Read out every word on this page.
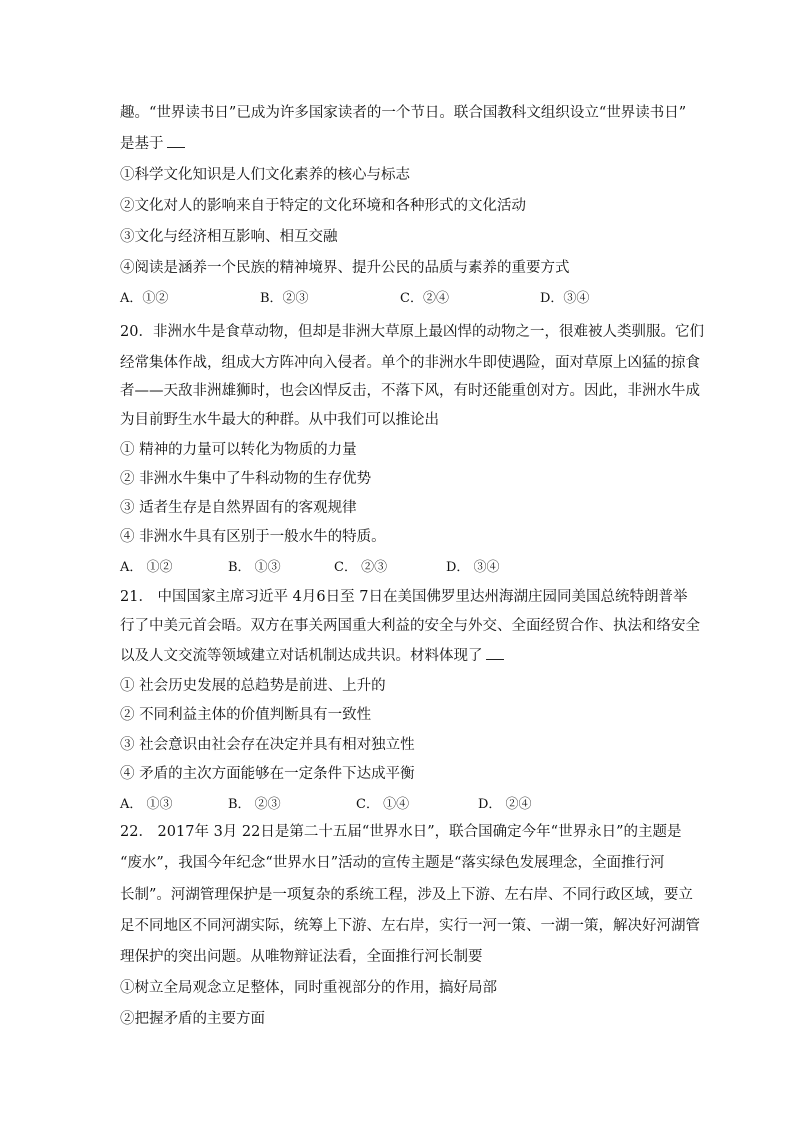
趣。“世界读书日”已成为许多国家读者的一个节日。联合国教科文组织设立“世界读书日”
是基于
①科学文化知识是人们文化素养的核心与标志
②文化对人的影响来自于特定的文化环境和各种形式的文化活动
③文化与经济相互影响、相互交融
④阅读是涵养一个民族的精神境界、提升公民的品质与素养的重要方式
A．①②	B．②③	C．②④	D．③④
20．非洲水牛是食草动物，但却是非洲大草原上最凶悍的动物之一，很难被人类驯服。它们
经常集体作战，组成大方阵冲向入侵者。单个的非洲水牛即使遇险，面对草原上凶猛的掠食
者——天敌非洲雄狮时，也会凶悍反击，不落下风，有时还能重创对方。因此，非洲水牛成
为目前野生水牛最大的种群。从中我们可以推论出
① 精神的力量可以转化为物质的力量
② 非洲水牛集中了牛科动物的生存优势
③ 适者生存是自然界固有的客观规律
④ 非洲水牛具有区别于一般水牛的特质。
A． ①②	B． ①③	C． ②③	D． ③④
21． 中国国家主席习近平 4月6日至 7日在美国佛罗里达州海湖庄园同美国总统特朗普举
行了中美元首会晤。双方在事关两国重大利益的安全与外交、全面经贸合作、执法和络安全
以及人文交流等领域建立对话机制达成共识。材料体现了
① 社会历史发展的总趋势是前进、上升的
② 不同利益主体的价值判断具有一致性
③ 社会意识由社会存在决定并具有相对独立性
④ 矛盾的主次方面能够在一定条件下达成平衡
A． ①③	B． ②③	C． ①④	D． ②④
22． 2017年 3月 22日是第二十五届“世界水日”，联合国确定今年“世界永日”的主题是
“废水”，我国今年纪念“世界水日”活动的宣传主题是“落实绿色发展理念，全面推行河
长制”。河湖管理保护是一项复杂的系统工程，涉及上下游、左右岸、不同行政区域，要立
足不同地区不同河湖实际，统筹上下游、左右岸，实行一河一策、一湖一策，解决好河湖管
理保护的突出问题。从唯物辩证法看，全面推行河长制要
①树立全局观念立足整体，同时重视部分的作用，搞好局部
②把握矛盾的主要方面
